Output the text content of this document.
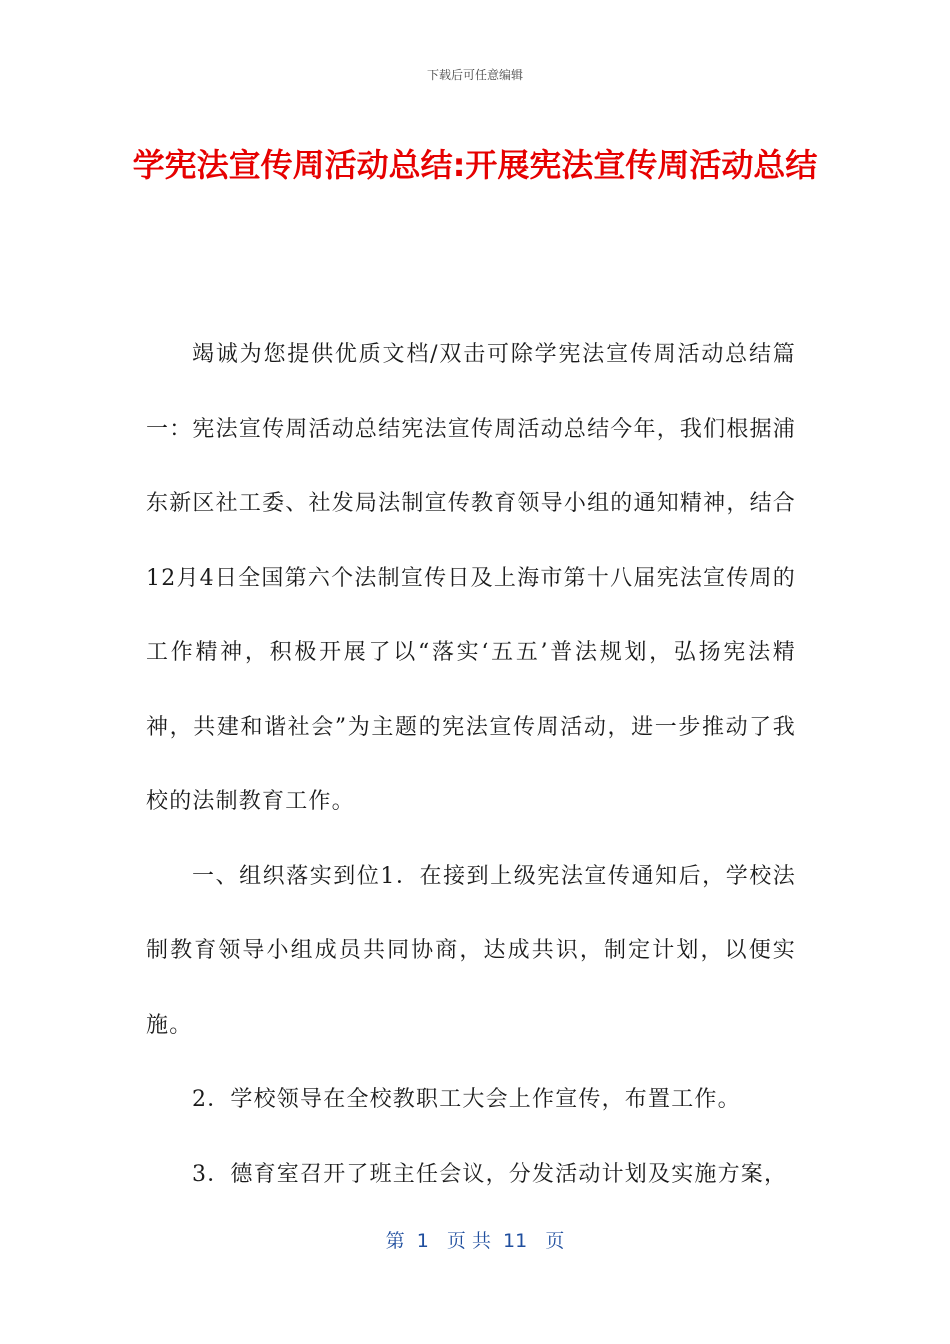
下载后可任意编辑
学宪法宣传周活动总结:开展宪法宣传周活动总结

竭诚为您提供优质文档/双击可除学宪法宣传周活动总结篇一：宪法宣传周活动总结宪法宣传周活动总结今年，我们根据浦东新区社工委、社发局法制宣传教育领导小组的通知精神，结合12月4日全国第六个法制宣传日及上海市第十八届宪法宣传周的工作精神，积极开展了以“落实‘五五’普法规划，弘扬宪法精神，共建和谐社会”为主题的宪法宣传周活动，进一步推动了我校的法制教育工作。

一、组织落实到位1．在接到上级宪法宣传通知后，学校法制教育领导小组成员共同协商，达成共识，制定计划，以便实施。

2．学校领导在全校教职工大会上作宣传，布置工作。

3．德育室召开了班主任会议，分发活动计划及实施方案，

第  1   页 共  11   页
